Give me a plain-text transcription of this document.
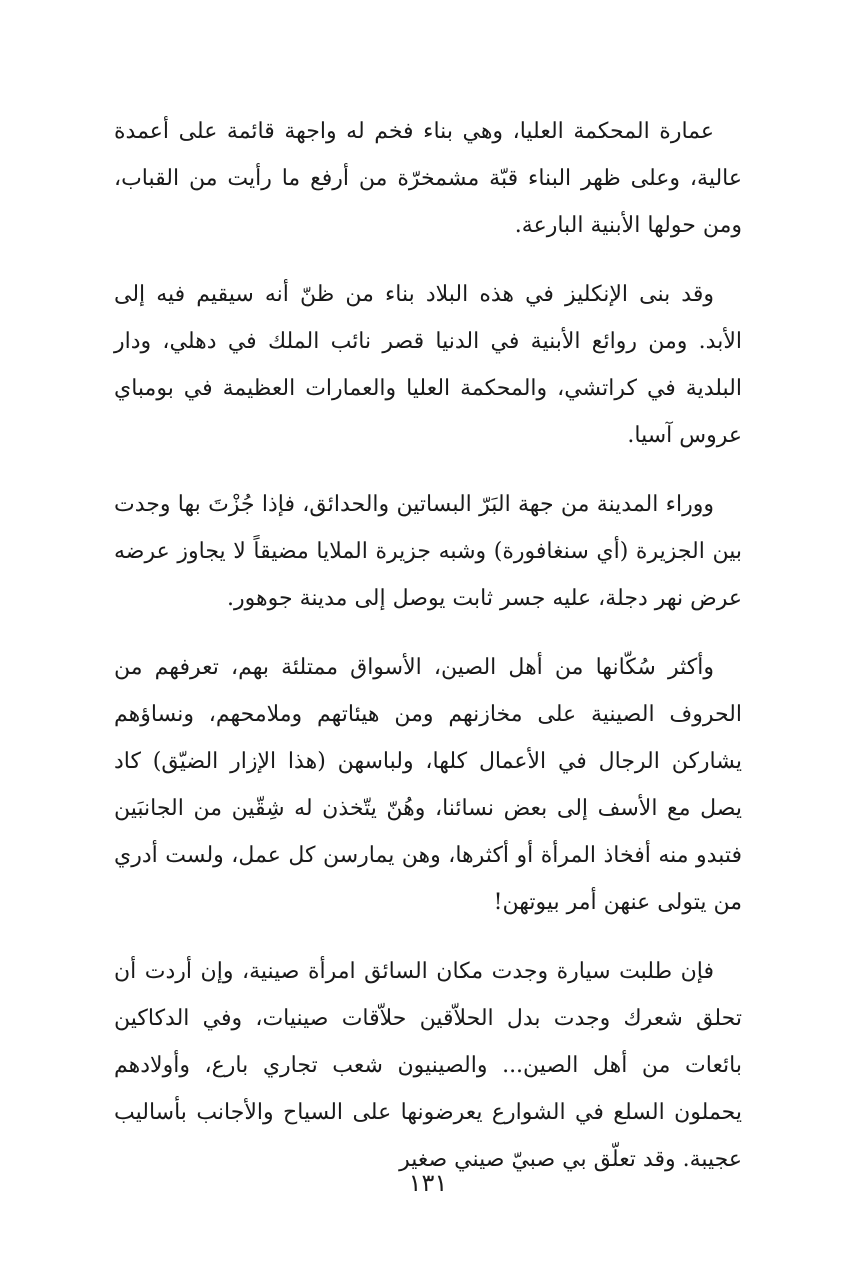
عمارة المحكمة العليا، وهي بناء فخم له واجهة قائمة على أعمدة عالية، وعلى ظهر البناء قبّة مشمخرّة من أرفع ما رأيت من القباب، ومن حولها الأبنية البارعة.

وقد بنى الإنكليز في هذه البلاد بناء من ظنّ أنه سيقيم فيه إلى الأبد. ومن روائع الأبنية في الدنيا قصر نائب الملك في دهلي، ودار البلدية في كراتشي، والمحكمة العليا والعمارات العظيمة في بومباي عروس آسيا.

ووراء المدينة من جهة البَرّ البساتين والحدائق، فإذا جُزْتَ بها وجدت بين الجزيرة (أي سنغافورة) وشبه جزيرة الملايا مضيقاً لا يجاوز عرضه عرض نهر دجلة، عليه جسر ثابت يوصل إلى مدينة جوهور.

وأكثر سُكّانها من أهل الصين، الأسواق ممتلئة بهم، تعرفهم من الحروف الصينية على مخازنهم ومن هيئاتهم وملامحهم، ونساؤهم يشاركن الرجال في الأعمال كلها، ولباسهن (هذا الإزار الضيّق) كاد يصل مع الأسف إلى بعض نسائنا، وهُنّ يتّخذن له شِقّين من الجانبَين فتبدو منه أفخاذ المرأة أو أكثرها، وهن يمارسن كل عمل، ولست أدري من يتولى عنهن أمر بيوتهن!

فإن طلبت سيارة وجدت مكان السائق امرأة صينية، وإن أردت أن تحلق شعرك وجدت بدل الحلاّقين حلاّقات صينيات، وفي الدكاكين بائعات من أهل الصين... والصينيون شعب تجاري بارع، وأولادهم يحملون السلع في الشوارع يعرضونها على السياح والأجانب بأساليب عجيبة. وقد تعلّق بي صبيّ صيني صغير

١٣١
